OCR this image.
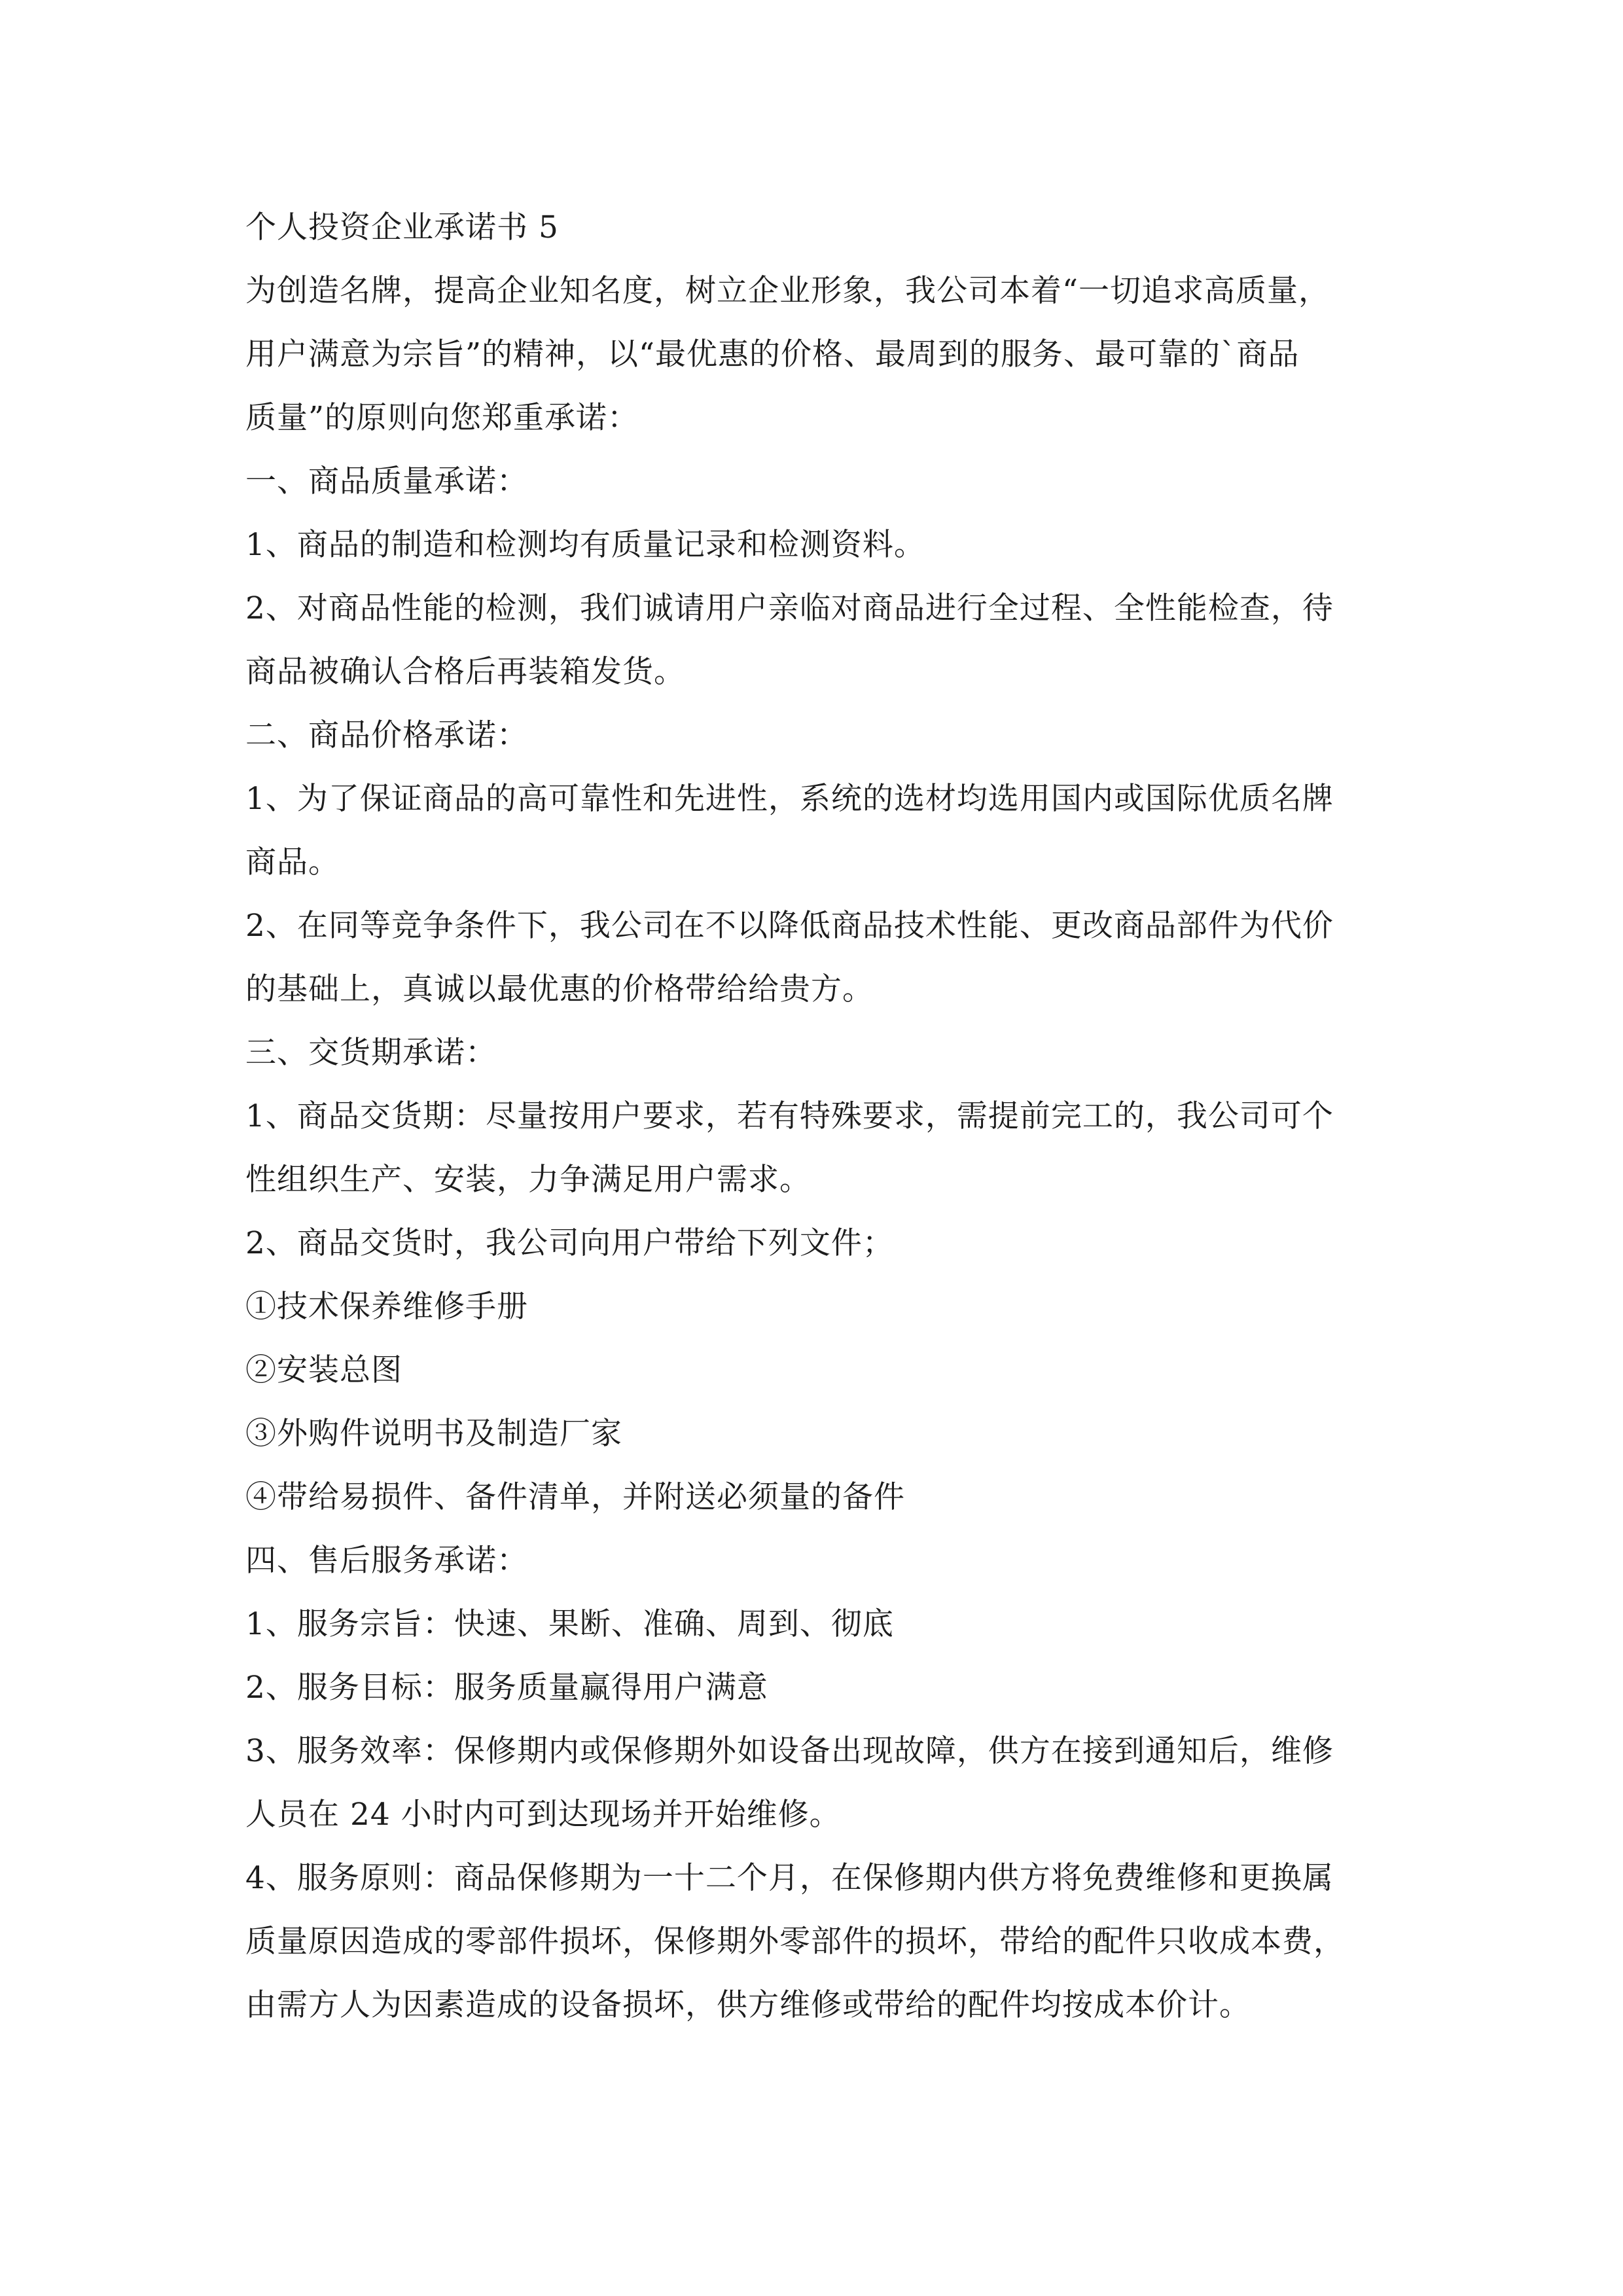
个人投资企业承诺书 5
为创造名牌，提高企业知名度，树立企业形象，我公司本着“一切追求高质量，
用户满意为宗旨”的精神，以“最优惠的价格、最周到的服务、最可靠的`商品
质量”的原则向您郑重承诺：
一、商品质量承诺：
1、商品的制造和检测均有质量记录和检测资料。
2、对商品性能的检测，我们诚请用户亲临对商品进行全过程、全性能检查，待
商品被确认合格后再装箱发货。
二、商品价格承诺：
1、为了保证商品的高可靠性和先进性，系统的选材均选用国内或国际优质名牌
商品。
2、在同等竞争条件下，我公司在不以降低商品技术性能、更改商品部件为代价
的基础上，真诚以最优惠的价格带给给贵方。
三、交货期承诺：
1、商品交货期：尽量按用户要求，若有特殊要求，需提前完工的，我公司可个
性组织生产、安装，力争满足用户需求。
2、商品交货时，我公司向用户带给下列文件；
①技术保养维修手册
②安装总图
③外购件说明书及制造厂家
④带给易损件、备件清单，并附送必须量的备件
四、售后服务承诺：
1、服务宗旨：快速、果断、准确、周到、彻底
2、服务目标：服务质量赢得用户满意
3、服务效率：保修期内或保修期外如设备出现故障，供方在接到通知后，维修
人员在 24 小时内可到达现场并开始维修。
4、服务原则：商品保修期为一十二个月，在保修期内供方将免费维修和更换属
质量原因造成的零部件损坏，保修期外零部件的损坏，带给的配件只收成本费，
由需方人为因素造成的设备损坏，供方维修或带给的配件均按成本价计。
